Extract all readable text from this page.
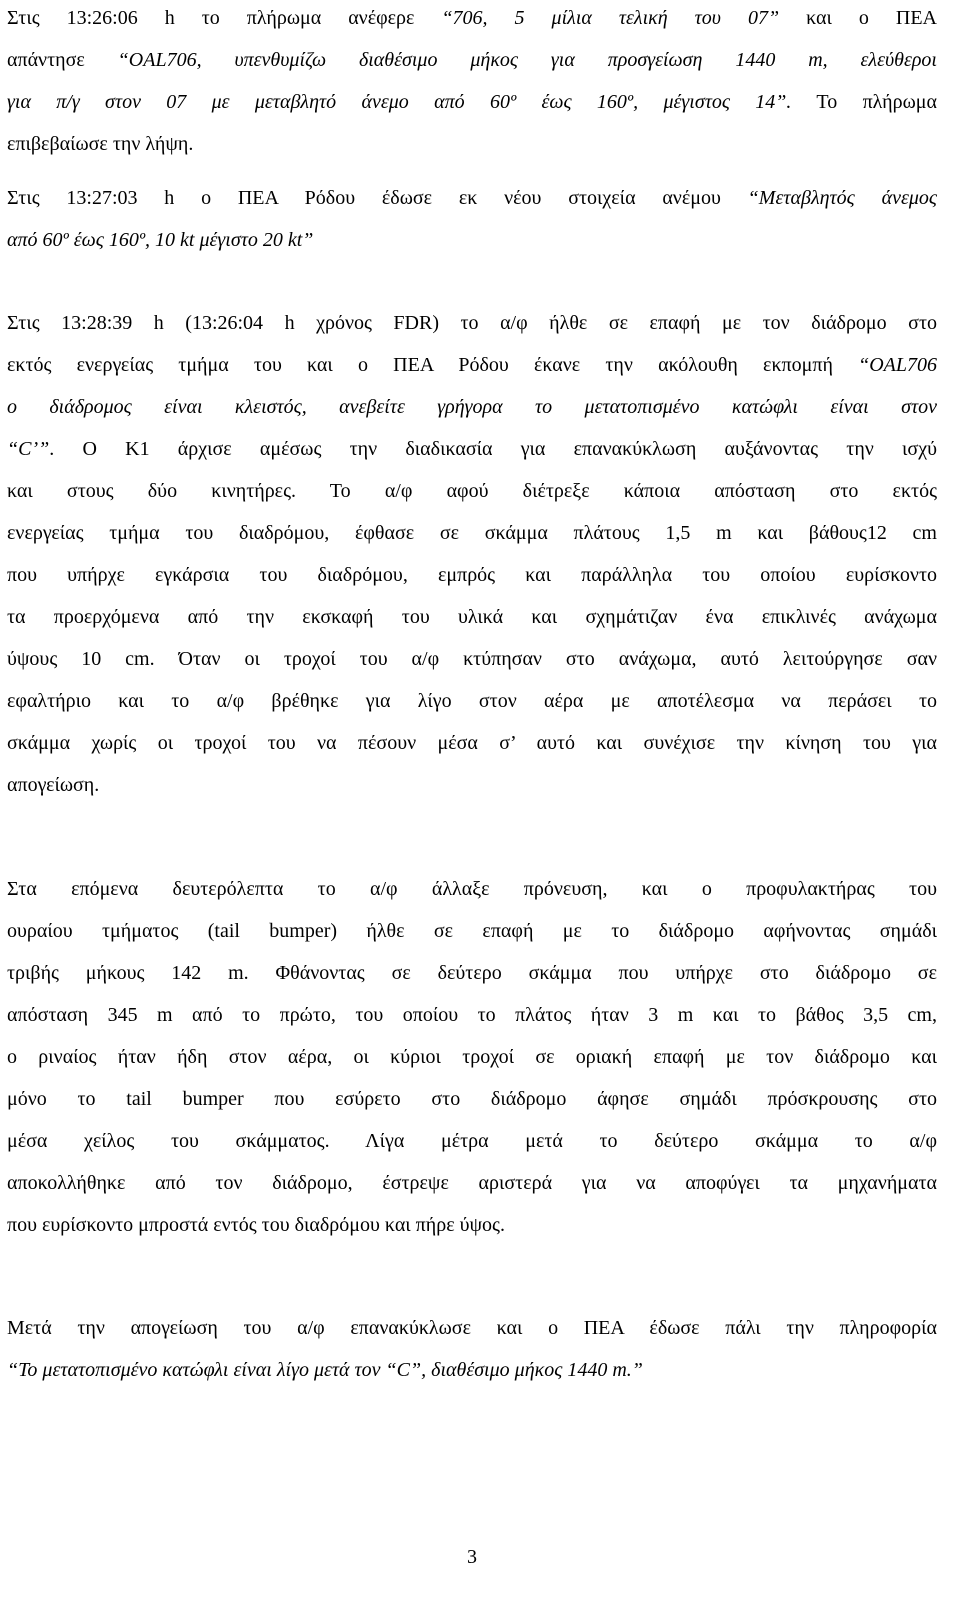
Στις 13:26:06 h το πλήρωμα ανέφερε “706, 5 μίλια τελική του 07” και ο ΠΕΑ
απάντησε “OAL706, υπενθυμίζω διαθέσιμο μήκος για προσγείωση 1440 m, ελεύθεροι
για π/γ στον 07 με μεταβλητό άνεμο από 60º έως 160º, μέγιστος 14”. Το πλήρωμα
επιβεβαίωσε την λήψη.

Στις 13:27:03 h ο ΠΕΑ Ρόδου έδωσε εκ νέου στοιχεία ανέμου “Μεταβλητός άνεμος
από 60º έως 160º, 10 kt μέγιστο 20 kt”

Στις 13:28:39 h (13:26:04 h χρόνος FDR) το α/φ ήλθε σε επαφή με τον διάδρομο στο
εκτός ενεργείας τμήμα του και ο ΠΕΑ Ρόδου έκανε την ακόλουθη εκπομπή “OAL706
ο διάδρομος είναι κλειστός, ανεβείτε γρήγορα το μετατοπισμένο κατώφλι είναι στον
“C’”. Ο Κ1 άρχισε αμέσως την διαδικασία για επανακύκλωση αυξάνοντας την ισχύ
και στους δύο κινητήρες. Το α/φ αφού διέτρεξε κάποια απόσταση στο εκτός
ενεργείας τμήμα του διαδρόμου, έφθασε σε σκάμμα πλάτους 1,5 m και βάθους12 cm
που υπήρχε εγκάρσια του διαδρόμου, εμπρός και παράλληλα του οποίου ευρίσκοντο
τα προερχόμενα από την εκσκαφή του υλικά και σχημάτιζαν ένα επικλινές ανάχωμα
ύψους 10 cm. Όταν οι τροχοί του α/φ κτύπησαν στο ανάχωμα, αυτό λειτούργησε σαν
εφαλτήριο και το α/φ βρέθηκε για λίγο στον αέρα με αποτέλεσμα να περάσει το
σκάμμα χωρίς οι τροχοί του να πέσουν μέσα σ’ αυτό και συνέχισε την κίνηση του για
απογείωση.

Στα επόμενα δευτερόλεπτα το α/φ άλλαξε πρόνευση, και ο προφυλακτήρας του
ουραίου τμήματος (tail bumper) ήλθε σε επαφή με το διάδρομο αφήνοντας σημάδι
τριβής μήκους 142 m. Φθάνοντας σε δεύτερο σκάμμα που υπήρχε στο διάδρομο σε
απόσταση 345 m από το πρώτο, του οποίου το πλάτος ήταν 3 m και το βάθος 3,5 cm,
ο ριναίος ήταν ήδη στον αέρα, οι κύριοι τροχοί σε οριακή επαφή με τον διάδρομο και
μόνο το tail bumper που εσύρετο στο διάδρομο άφησε σημάδι πρόσκρουσης στο
μέσα χείλος του σκάμματος. Λίγα μέτρα μετά το δεύτερο σκάμμα το α/φ
αποκολλήθηκε από τον διάδρομο, έστρεψε αριστερά για να αποφύγει τα μηχανήματα
που ευρίσκοντο μπροστά εντός του διαδρόμου και πήρε ύψος.

Μετά την απογείωση του α/φ επανακύκλωσε και ο ΠΕΑ έδωσε πάλι την πληροφορία
“Το μετατοπισμένο κατώφλι είναι λίγο μετά τον “C”, διαθέσιμο μήκος 1440 m.”

3
